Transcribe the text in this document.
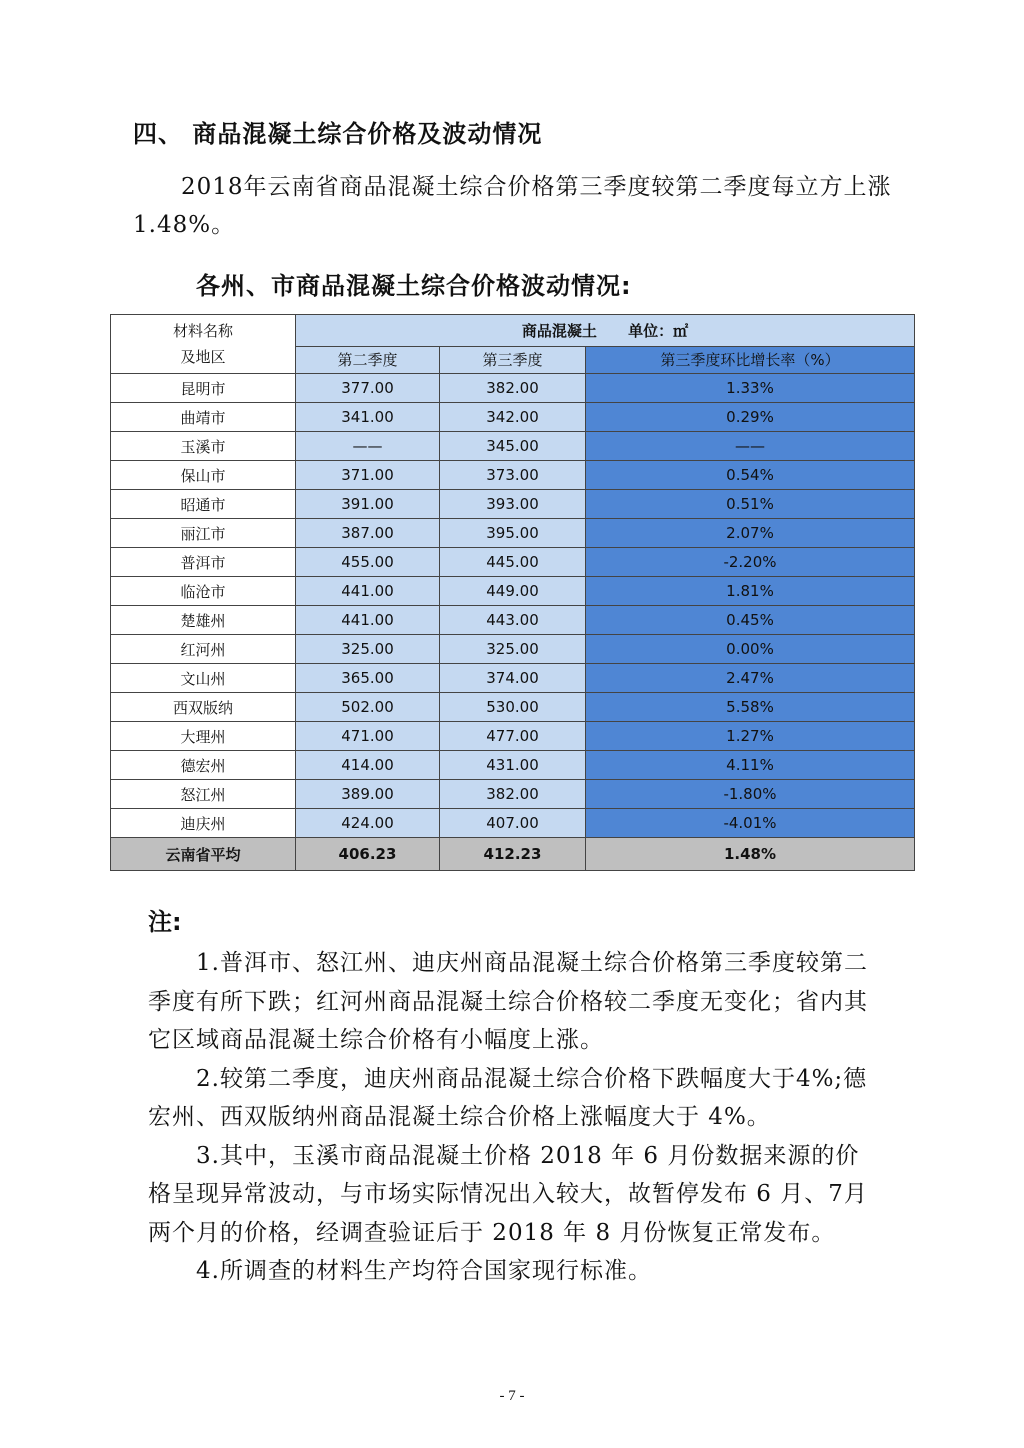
四、 商品混凝土综合价格及波动情况
2018年云南省商品混凝土综合价格第三季度较第二季度每立方上涨1.48%。
各州、市商品混凝土综合价格波动情况:
材料名称
及地区	商品混凝土      单位：㎡		
	第二季度	第三季度	第三季度环比增长率（%）
昆明市	377.00	382.00	1.33%
曲靖市	341.00	342.00	0.29%
玉溪市	——	345.00	——
保山市	371.00	373.00	0.54%
昭通市	391.00	393.00	0.51%
丽江市	387.00	395.00	2.07%
普洱市	455.00	445.00	-2.20%
临沧市	441.00	449.00	1.81%
楚雄州	441.00	443.00	0.45%
红河州	325.00	325.00	0.00%
文山州	365.00	374.00	2.47%
西双版纳	502.00	530.00	5.58%
大理州	471.00	477.00	1.27%
德宏州	414.00	431.00	4.11%
怒江州	389.00	382.00	-1.80%
迪庆州	424.00	407.00	-4.01%
云南省平均	406.23	412.23	1.48%
注:

1.普洱市、怒江州、迪庆州商品混凝土综合价格第三季度较第二季度有所下跌；红河州商品混凝土综合价格较二季度无变化；省内其它区域商品混凝土综合价格有小幅度上涨。

2.较第二季度，迪庆州商品混凝土综合价格下跌幅度大于4%;德宏州、西双版纳州商品混凝土综合价格上涨幅度大于 4%。

3.其中，玉溪市商品混凝土价格 2018 年 6 月份数据来源的价格呈现异常波动，与市场实际情况出入较大，故暂停发布 6 月、7月两个月的价格，经调查验证后于 2018 年 8 月份恢复正常发布。

4.所调查的材料生产均符合国家现行标准。

- 7 -
